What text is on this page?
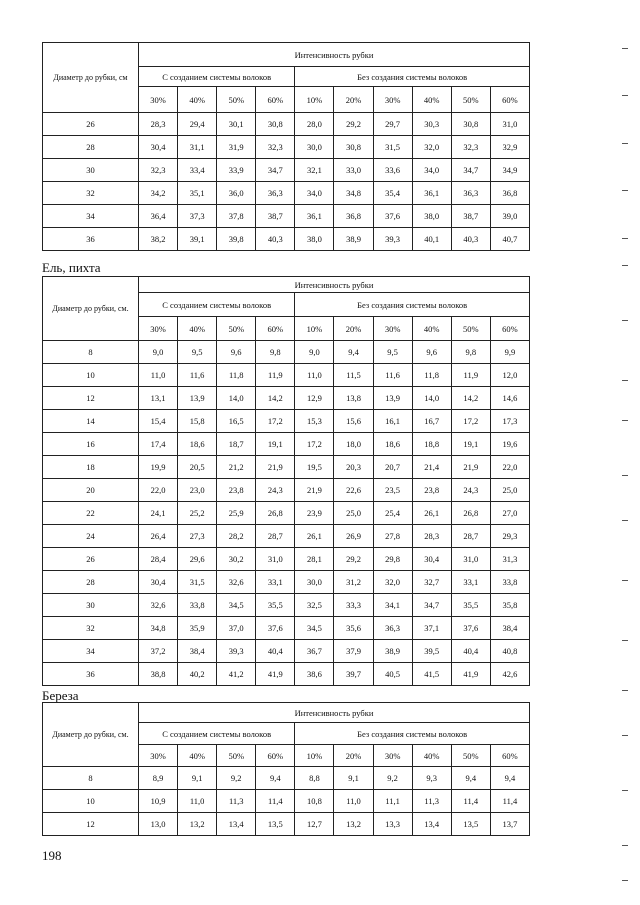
Диаметр до рубки, см	Интенсивность рубки									
	С созданием системы волоков				Без создания системы волоков					
	30%	40%	50%	60%	10%	20%	30%	40%	50%	60%
26	28,3	29,4	30,1	30,8	28,0	29,2	29,7	30,3	30,8	31,0
28	30,4	31,1	31,9	32,3	30,0	30,8	31,5	32,0	32,3	32,9
30	32,3	33,4	33,9	34,7	32,1	33,0	33,6	34,0	34,7	34,9
32	34,2	35,1	36,0	36,3	34,0	34,8	35,4	36,1	36,3	36,8
34	36,4	37,3	37,8	38,7	36,1	36,8	37,6	38,0	38,7	39,0
36	38,2	39,1	39,8	40,3	38,0	38,9	39,3	40,1	40,3	40,7
Ель, пихта
Диаметр до рубки, см.	Интенсивность рубки									
	С созданием системы волоков				Без создания системы волоков					
	30%	40%	50%	60%	10%	20%	30%	40%	50%	60%
8	9,0	9,5	9,6	9,8	9,0	9,4	9,5	9,6	9,8	9,9
10	11,0	11,6	11,8	11,9	11,0	11,5	11,6	11,8	11,9	12,0
12	13,1	13,9	14,0	14,2	12,9	13,8	13,9	14,0	14,2	14,6
14	15,4	15,8	16,5	17,2	15,3	15,6	16,1	16,7	17,2	17,3
16	17,4	18,6	18,7	19,1	17,2	18,0	18,6	18,8	19,1	19,6
18	19,9	20,5	21,2	21,9	19,5	20,3	20,7	21,4	21,9	22,0
20	22,0	23,0	23,8	24,3	21,9	22,6	23,5	23,8	24,3	25,0
22	24,1	25,2	25,9	26,8	23,9	25,0	25,4	26,1	26,8	27,0
24	26,4	27,3	28,2	28,7	26,1	26,9	27,8	28,3	28,7	29,3
26	28,4	29,6	30,2	31,0	28,1	29,2	29,8	30,4	31,0	31,3
28	30,4	31,5	32,6	33,1	30,0	31,2	32,0	32,7	33,1	33,8
30	32,6	33,8	34,5	35,5	32,5	33,3	34,1	34,7	35,5	35,8
32	34,8	35,9	37,0	37,6	34,5	35,6	36,3	37,1	37,6	38,4
34	37,2	38,4	39,3	40,4	36,7	37,9	38,9	39,5	40,4	40,8
36	38,8	40,2	41,2	41,9	38,6	39,7	40,5	41,5	41,9	42,6
Береза
Диаметр до рубки, см.	Интенсивность рубки									
	С созданием системы волоков				Без создания системы волоков					
	30%	40%	50%	60%	10%	20%	30%	40%	50%	60%
8	8,9	9,1	9,2	9,4	8,8	9,1	9,2	9,3	9,4	9,4
10	10,9	11,0	11,3	11,4	10,8	11,0	11,1	11,3	11,4	11,4
12	13,0	13,2	13,4	13,5	12,7	13,2	13,3	13,4	13,5	13,7
198
